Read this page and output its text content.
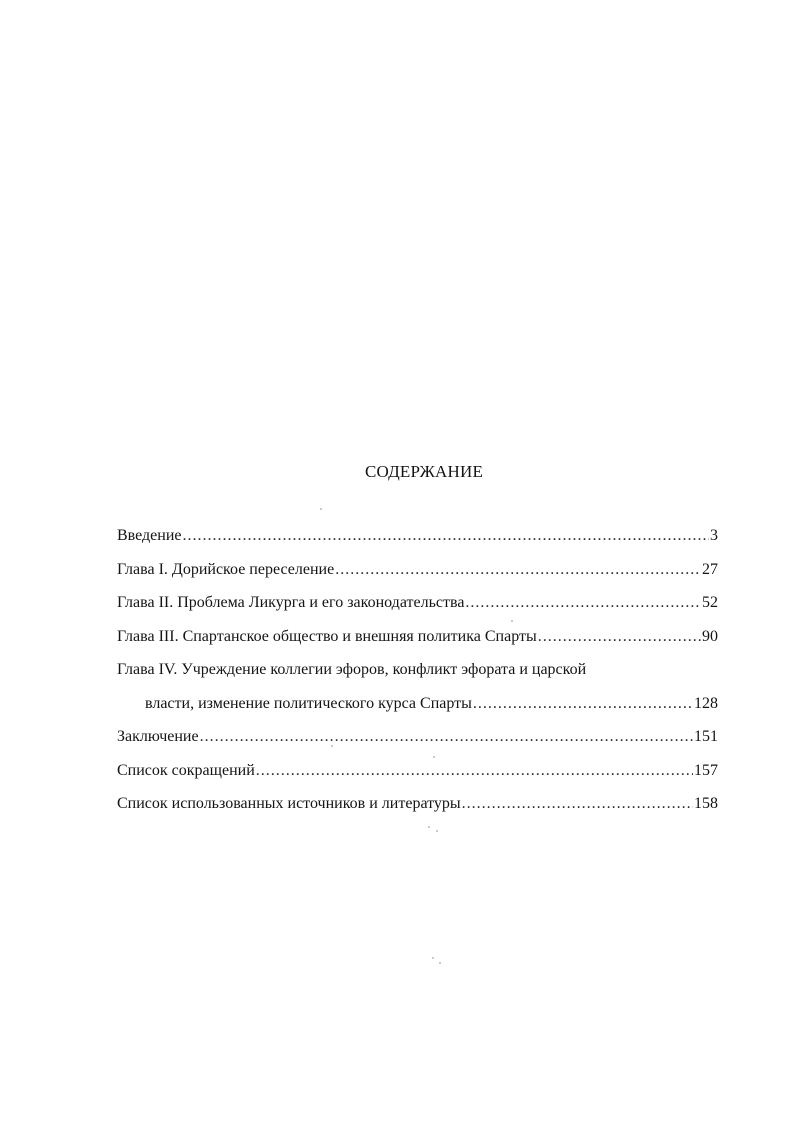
СОДЕРЖАНИЕ
Введение .....	3
Глава I. Дорийское переселение .....	27
Глава II. Проблема Ликурга и его законодательства .....	52
Глава III. Спартанское общество и внешняя политика Спарты .....	90
Глава IV. Учреждение коллегии эфоров, конфликт эфората и царской
власти, изменение политического курса Спарты .....	128
Заключение .....	151
Список сокращений .....	157
Список использованных источников и литературы .....	158
